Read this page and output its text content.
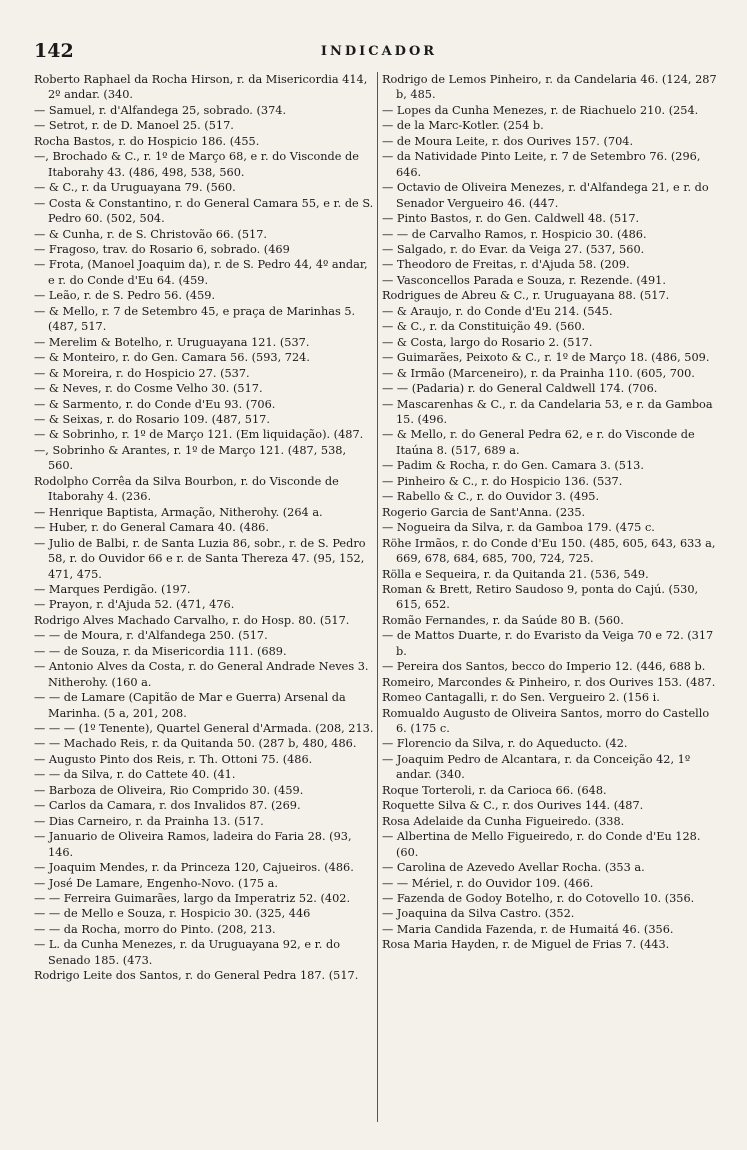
142	INDICADOR

Roberto Raphael da Rocha Hirson, r. da Misericordia 414, 2º andar. (340.

— Samuel, r. d'Alfandega 25, sobrado. (374.

— Setrot, r. de D. Manoel 25. (517.

Rocha Bastos, r. do Hospicio 186. (455.

—, Brochado & C., r. 1º de Março 68, e r. do Visconde de Itaborahy 43. (486, 498, 538, 560.

— & C., r. da Uruguayana 79. (560.

— Costa & Constantino, r. do General Camara 55, e r. de S. Pedro 60. (502, 504.

— & Cunha, r. de S. Christovão 66. (517.

— Fragoso, trav. do Rosario 6, sobrado. (469

— Frota, (Manoel Joaquim da), r. de S. Pedro 44, 4º andar, e r. do Conde d'Eu 64. (459.

— Leão, r. de S. Pedro 56. (459.

— & Mello, r. 7 de Setembro 45, e praça de Marinhas 5. (487, 517.

— Merelim & Botelho, r. Uruguayana 121. (537.

— & Monteiro, r. do Gen. Camara 56. (593, 724.

— & Moreira, r. do Hospicio 27. (537.

— & Neves, r. do Cosme Velho 30. (517.

— & Sarmento, r. do Conde d'Eu 93. (706.

— & Seixas, r. do Rosario 109. (487, 517.

— & Sobrinho, r. 1º de Março 121. (Em liquidação). (487.

—, Sobrinho & Arantes, r. 1º de Março 121. (487, 538, 560.

Rodolpho Corrêa da Silva Bourbon, r. do Visconde de Itaborahy 4. (236.

— Henrique Baptista, Armação, Nitherohy. (264 a.

— Huber, r. do General Camara 40. (486.

— Julio de Balbi, r. de Santa Luzia 86, sobr., r. de S. Pedro 58, r. do Ouvidor 66 e r. de Santa Thereza 47. (95, 152, 471, 475.

— Marques Perdigão. (197.

— Prayon, r. d'Ajuda 52. (471, 476.

Rodrigo Alves Machado Carvalho, r. do Hosp. 80. (517.

— — de Moura, r. d'Alfandega 250. (517.

— — de Souza, r. da Misericordia 111. (689.

— Antonio Alves da Costa, r. do General Andrade Neves 3. Nitherohy. (160 a.

— — de Lamare (Capitão de Mar e Guerra) Arsenal da Marinha. (5 a, 201, 208.

— — — (1º Tenente), Quartel General d'Armada. (208, 213.

— — Machado Reis, r. da Quitanda 50. (287 b, 480, 486.

— Augusto Pinto dos Reis, r. Th. Ottoni 75. (486.

— — da Silva, r. do Cattete 40. (41.

— Barboza de Oliveira, Rio Comprido 30. (459.

— Carlos da Camara, r. dos Invalidos 87. (269.

— Dias Carneiro, r. da Prainha 13. (517.

— Januario de Oliveira Ramos, ladeira do Faria 28. (93, 146.

— Joaquim Mendes, r. da Princeza 120, Cajueiros. (486.

— José De Lamare, Engenho-Novo. (175 a.

— — Ferreira Guimarães, largo da Imperatriz 52. (402.

— — de Mello e Souza, r. Hospicio 30. (325, 446

— — da Rocha, morro do Pinto. (208, 213.

— L. da Cunha Menezes, r. da Uruguayana 92, e r. do Senado 185. (473.

Rodrigo Leite dos Santos, r. do General Pedra 187. (517.

Rodrigo de Lemos Pinheiro, r. da Candelaria 46. (124, 287 b, 485.

— Lopes da Cunha Menezes, r. de Riachuelo 210. (254.

— de la Marc-Kotler. (254 b.

— de Moura Leite, r. dos Ourives 157. (704.

— da Natividade Pinto Leite, r. 7 de Setembro 76. (296, 646.

— Octavio de Oliveira Menezes, r. d'Alfandega 21, e r. do Senador Vergueiro 46. (447.

— Pinto Bastos, r. do Gen. Caldwell 48. (517.

— — de Carvalho Ramos, r. Hospicio 30. (486.

— Salgado, r. do Evar. da Veiga 27. (537, 560.

— Theodoro de Freitas, r. d'Ajuda 58. (209.

— Vasconcellos Parada e Souza, r. Rezende. (491.

Rodrigues de Abreu & C., r. Uruguayana 88. (517.

— & Araujo, r. do Conde d'Eu 214. (545.

— & C., r. da Constituição 49. (560.

— & Costa, largo do Rosario 2. (517.

— Guimarães, Peixoto & C., r. 1º de Março 18. (486, 509.

— & Irmão (Marceneiro), r. da Prainha 110. (605, 700.

— — (Padaria) r. do General Caldwell 174. (706.

— Mascarenhas & C., r. da Candelaria 53, e r. da Gamboa 15. (496.

— & Mello, r. do General Pedra 62, e r. do Visconde de Itaúna 8. (517, 689 a.

— Padim & Rocha, r. do Gen. Camara 3. (513.

— Pinheiro & C., r. do Hospicio 136. (537.

— Rabello & C., r. do Ouvidor 3. (495.

Rogerio Garcia de Sant'Anna. (235.

— Nogueira da Silva, r. da Gamboa 179. (475 c.

Röhe Irmãos, r. do Conde d'Eu 150. (485, 605, 643, 633 a, 669, 678, 684, 685, 700, 724, 725.

Rölla e Sequeira, r. da Quitanda 21. (536, 549.

Roman & Brett, Retiro Saudoso 9, ponta do Cajú. (530, 615, 652.

Romão Fernandes, r. da Saúde 80 B. (560.

— de Mattos Duarte, r. do Evaristo da Veiga 70 e 72. (317 b.

— Pereira dos Santos, becco do Imperio 12. (446, 688 b.

Romeiro, Marcondes & Pinheiro, r. dos Ourives 153. (487.

Romeo Cantagalli, r. do Sen. Vergueiro 2. (156 i.

Romualdo Augusto de Oliveira Santos, morro do Castello 6. (175 c.

— Florencio da Silva, r. do Aqueducto. (42.

— Joaquim Pedro de Alcantara, r. da Conceição 42, 1º andar. (340.

Roque Torteroli, r. da Carioca 66. (648.

Roquette Silva & C., r. dos Ourives 144. (487.

Rosa Adelaide da Cunha Figueiredo. (338.

— Albertina de Mello Figueiredo, r. do Conde d'Eu 128. (60.

— Carolina de Azevedo Avellar Rocha. (353 a.

— — Mériel, r. do Ouvidor 109. (466.

— Fazenda de Godoy Botelho, r. do Cotovello 10. (356.

— Joaquina da Silva Castro. (352.

— Maria Candida Fazenda, r. de Humaitá 46. (356.

Rosa Maria Hayden, r. de Miguel de Frias 7. (443.
